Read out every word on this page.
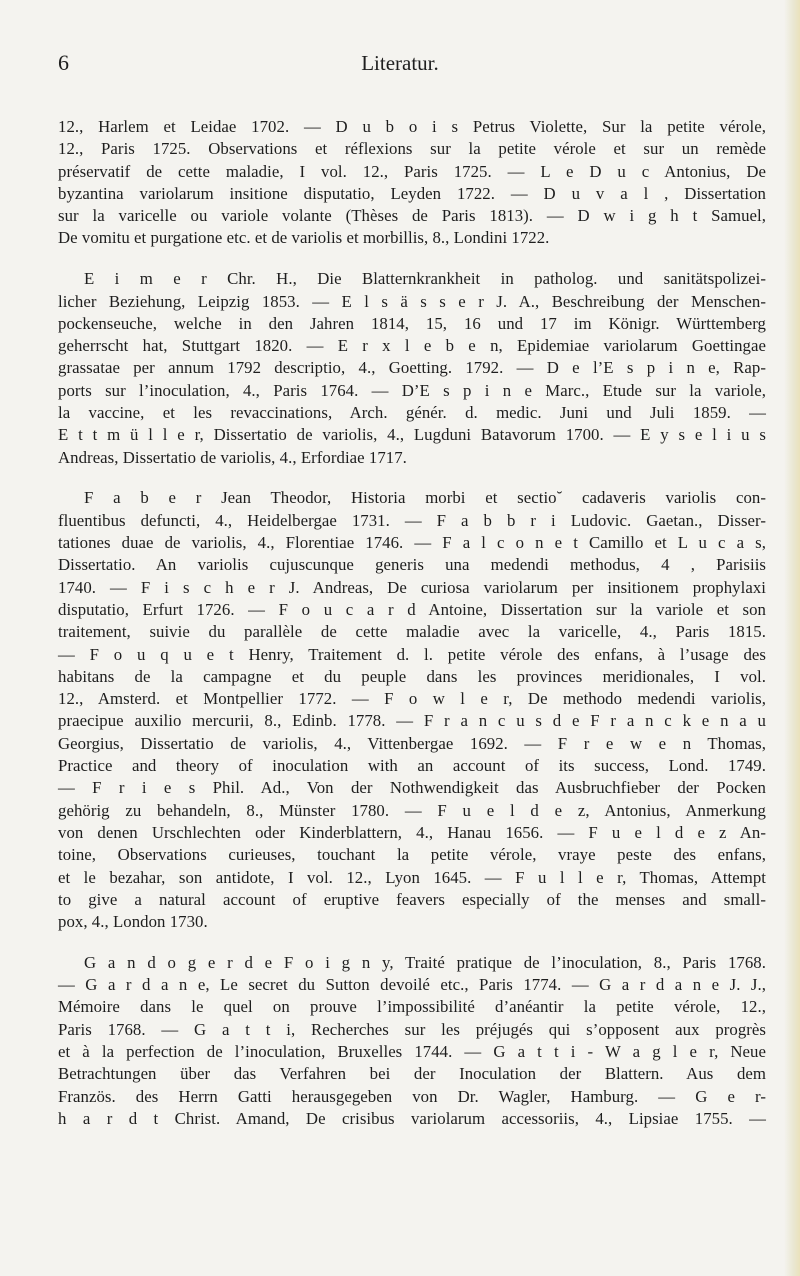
6	Literatur.
12., Harlem et Leidae 1702. — D u b o i s Petrus Violette, Sur la petite vérole,
12., Paris 1725. Observations et réflexions sur la petite vérole et sur un remède
préservatif de cette maladie, I vol. 12., Paris 1725. — L e D u c Antonius, De
byzantina variolarum insitione disputatio, Leyden 1722. — D u v a l , Dissertation
sur la varicelle ou variole volante (Thèses de Paris 1813). — D w i g h t Samuel,
De vomitu et purgatione etc. et de variolis et morbillis, 8., Londini 1722.
E i m e r Chr. H., Die Blatternkrankheit in patholog. und sanitätspolizei-
licher Beziehung, Leipzig 1853. — E l s ä s s e r J. A., Beschreibung der Menschen-
pockenseuche, welche in den Jahren 1814, 15, 16 und 17 im Königr. Württemberg
geherrscht hat, Stuttgart 1820. — E r x l e b e n, Epidemiae variolarum Goettingae
grassatae per annum 1792 descriptio, 4., Goetting. 1792. — D e l’E s p i n e, Rap-
ports sur l’inoculation, 4., Paris 1764. — D’E s p i n e Marc., Etude sur la variole,
la vaccine, et les revaccinations, Arch. génér. d. medic. Juni und Juli 1859. —
E t t m ü l l e r, Dissertatio de variolis, 4., Lugduni Batavorum 1700. — E y s e l i u s
Andreas, Dissertatio de variolis, 4., Erfordiae 1717.
F a b e r Jean Theodor, Historia morbi et sectio˘ cadaveris variolis con-
fluentibus defuncti, 4., Heidelbergae 1731. — F a b b r i Ludovic. Gaetan., Disser-
tationes duae de variolis, 4., Florentiae 1746. — F a l c o n e t Camillo et L u c a s,
Dissertatio. An variolis cujuscunque generis una medendi methodus, 4 , Parisiis
1740. — F i s c h e r J. Andreas, De curiosa variolarum per insitionem prophylaxi
disputatio, Erfurt 1726. — F o u c a r d Antoine, Dissertation sur la variole et son
traitement, suivie du parallèle de cette maladie avec la varicelle, 4., Paris 1815.
— F o u q u e t Henry, Traitement d. l. petite vérole des enfans, à l’usage des
habitans de la campagne et du peuple dans les provinces meridionales, I vol.
12., Amsterd. et Montpellier 1772. — F o w l e r, De methodo medendi variolis,
praecipue auxilio mercurii, 8., Edinb. 1778. — F r a n c u s d e F r a n c k e n a u
Georgius, Dissertatio de variolis, 4., Vittenbergae 1692. — F r e w e n Thomas,
Practice and theory of inoculation with an account of its success, Lond. 1749.
— F r i e s Phil. Ad., Von der Nothwendigkeit das Ausbruchfieber der Pocken
gehörig zu behandeln, 8., Münster 1780. — F u e l d e z, Antonius, Anmerkung
von denen Urschlechten oder Kinderblattern, 4., Hanau 1656. — F u e l d e z An-
toine, Observations curieuses, touchant la petite vérole, vraye peste des enfans,
et le bezahar, son antidote, I vol. 12., Lyon 1645. — F u l l e r, Thomas, Attempt
to give a natural account of eruptive feavers especially of the menses and small-
pox, 4., London 1730.
G a n d o g e r d e F o i g n y, Traité pratique de l’inoculation, 8., Paris 1768.
— G a r d a n e, Le secret du Sutton devoilé etc., Paris 1774. — G a r d a n e J. J.,
Mémoire dans le quel on prouve l’impossibilité d’anéantir la petite vérole, 12.,
Paris 1768. — G a t t i, Recherches sur les préjugés qui s’opposent aux progrès
et à la perfection de l’inoculation, Bruxelles 1744. — G a t t i - W a g l e r, Neue
Betrachtungen über das Verfahren bei der Inoculation der Blattern. Aus dem
Französ. des Herrn Gatti herausgegeben von Dr. Wagler, Hamburg. — G e r-
h a r d t Christ. Amand, De crisibus variolarum accessoriis, 4., Lipsiae 1755. —
